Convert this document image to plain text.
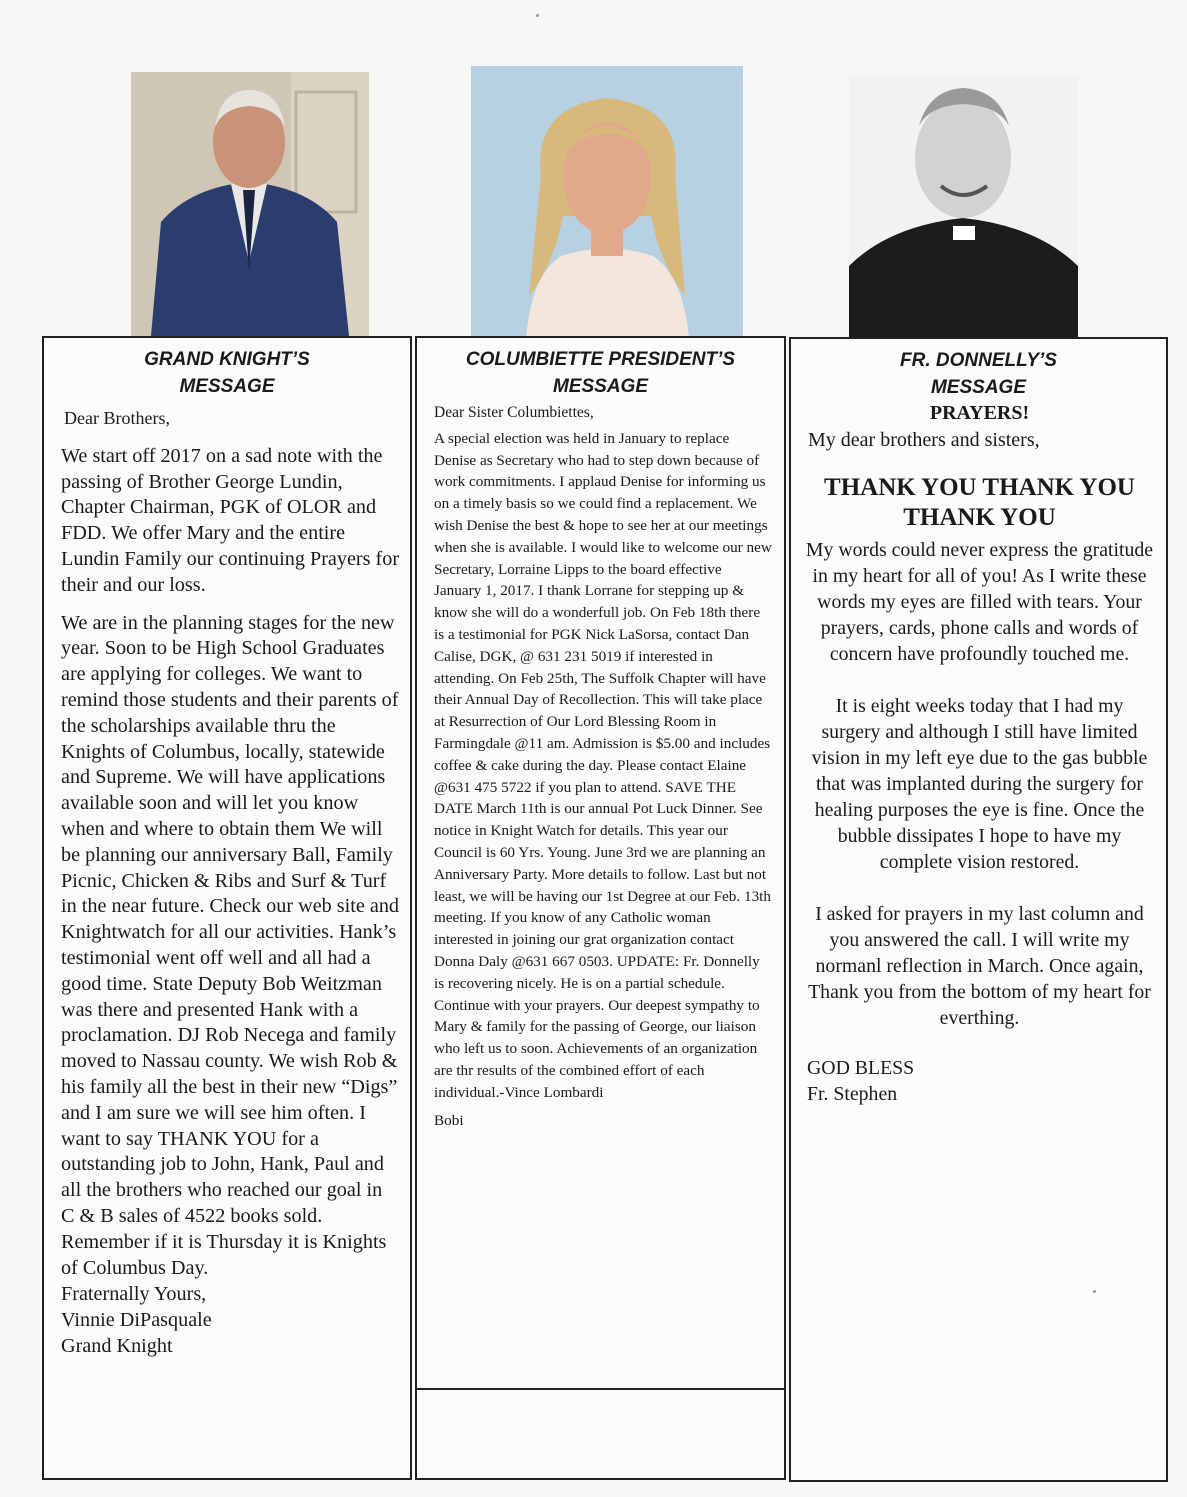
GRAND KNIGHT’S
MESSAGE
Dear Brothers,

We start off 2017 on a sad note with the passing of Brother George Lundin, Chapter Chairman, PGK of OLOR and FDD. We offer Mary and the entire Lundin Family our continuing Prayers for their and our loss.

We are in the planning stages for the new year. Soon to be High School Graduates are applying for colleges. We want to remind those students and their parents of the scholarships available thru the Knights of Columbus, locally, statewide and Supreme. We will have applications available soon and will let you know when and where to obtain them We will be planning our anniversary Ball, Family Picnic, Chicken & Ribs and Surf & Turf in the near future. Check our web site and Knightwatch for all our activities. Hank’s testimonial went off well and all had a good time. State Deputy Bob Weitzman was there and presented Hank with a proclamation. DJ Rob Necega and family moved to Nassau county. We wish Rob & his family all the best in their new “Digs” and I am sure we will see him often. I want to say THANK YOU for a outstanding job to John, Hank, Paul and all the brothers who reached our goal in C & B sales of 4522 books sold. Remember if it is Thursday it is Knights of Columbus Day.

Fraternally Yours,
Vinnie DiPasquale
Grand Knight
COLUMBIETTE PRESIDENT’S
MESSAGE
Dear Sister Columbiettes,
A special election was held in January to replace Denise as Secretary who had to step down because of work commitments. I applaud Denise for informing us on a timely basis so we could find a replacement. We wish Denise the best & hope to see her at our meetings when she is available. I would like to welcome our new Secretary, Lorraine Lipps to the board effective January 1, 2017. I thank Lorrane for stepping up & know she will do a wonderfull job. On Feb 18th there is a testimonial for PGK Nick LaSorsa, contact Dan Calise, DGK, @ 631 231 5019 if interested in attending. On Feb 25th, The Suffolk Chapter will have their Annual Day of Recollection. This will take place at Resurrection of Our Lord Blessing Room in Farmingdale @11 am. Admission is $5.00 and includes coffee & cake during the day. Please contact Elaine @631 475 5722 if you plan to attend. SAVE THE DATE March 11th is our annual Pot Luck Dinner. See notice in Knight Watch for details. This year our Council is 60 Yrs. Young. June 3rd we are planning an Anniversary Party. More details to follow. Last but not least, we will be having our 1st Degree at our Feb. 13th meeting. If you know of any Catholic woman interested in joining our grat organization contact Donna Daly @631 667 0503. UPDATE: Fr. Donnelly is recovering nicely. He is on a partial schedule. Continue with your prayers. Our deepest sympathy to Mary & family for the passing of George, our liaison who left us to soon. Achievements of an organization are thr results of the combined effort of each individual.-Vince Lombardi
Bobi
FR. DONNELLY’S
MESSAGE
PRAYERS!
My dear brothers and sisters,
THANK YOU THANK YOU
THANK YOU
My words could never express the gratitude in my heart for all of you! As I write these words my eyes are filled with tears. Your prayers, cards, phone calls and words of concern have profoundly touched me.
It is eight weeks today that I had my surgery and although I still have limited vision in my left eye due to the gas bubble that was implanted during the surgery for healing purposes the eye is fine. Once the bubble dissipates I hope to have my complete vision restored.
I asked for prayers in my last column and you answered the call. I will write my normanl reflection in March. Once again, Thank you from the bottom of my heart for everthing.
GOD BLESS
Fr. Stephen
